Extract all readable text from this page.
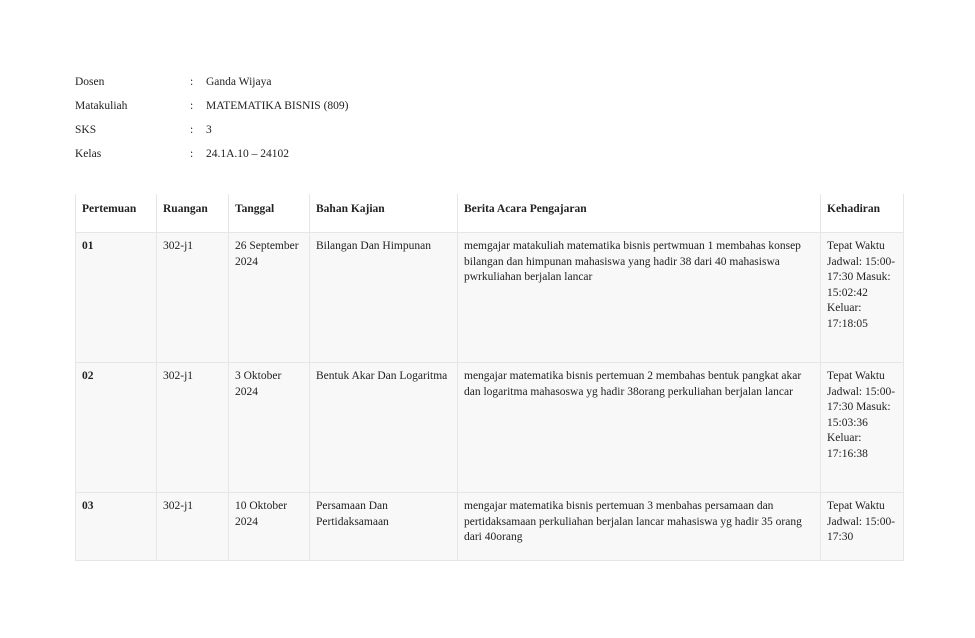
Dosen	:	Ganda Wijaya
Matakuliah	:	MATEMATIKA BISNIS (809)
SKS	:	3
Kelas	:	24.1A.10 – 24102
Pertemuan	Ruangan	Tanggal	Bahan Kajian	Berita Acara Pengajaran	Kehadiran
01	302-j1	26 September 2024	Bilangan Dan Himpunan	memgajar matakuliah matematika bisnis pertwmuan 1 membahas konsep bilangan dan himpunan mahasiswa yang hadir 38 dari 40 mahasiswa pwrkuliahan berjalan lancar	Tepat Waktu Jadwal: 15:00-17:30 Masuk: 15:02:42 Keluar: 17:18:05
02	302-j1	3 Oktober 2024	Bentuk Akar Dan Logaritma	mengajar matematika bisnis pertemuan 2 membahas bentuk pangkat akar dan logaritma mahasoswa yg hadir 38orang perkuliahan berjalan lancar	Tepat Waktu Jadwal: 15:00-17:30 Masuk: 15:03:36 Keluar: 17:16:38
03	302-j1	10 Oktober 2024	Persamaan Dan Pertidaksamaan	mengajar matematika bisnis pertemuan 3 menbahas persamaan dan pertidaksamaan perkuliahan berjalan lancar mahasiswa yg hadir 35 orang dari 40orang	Tepat Waktu Jadwal: 15:00-17:30
